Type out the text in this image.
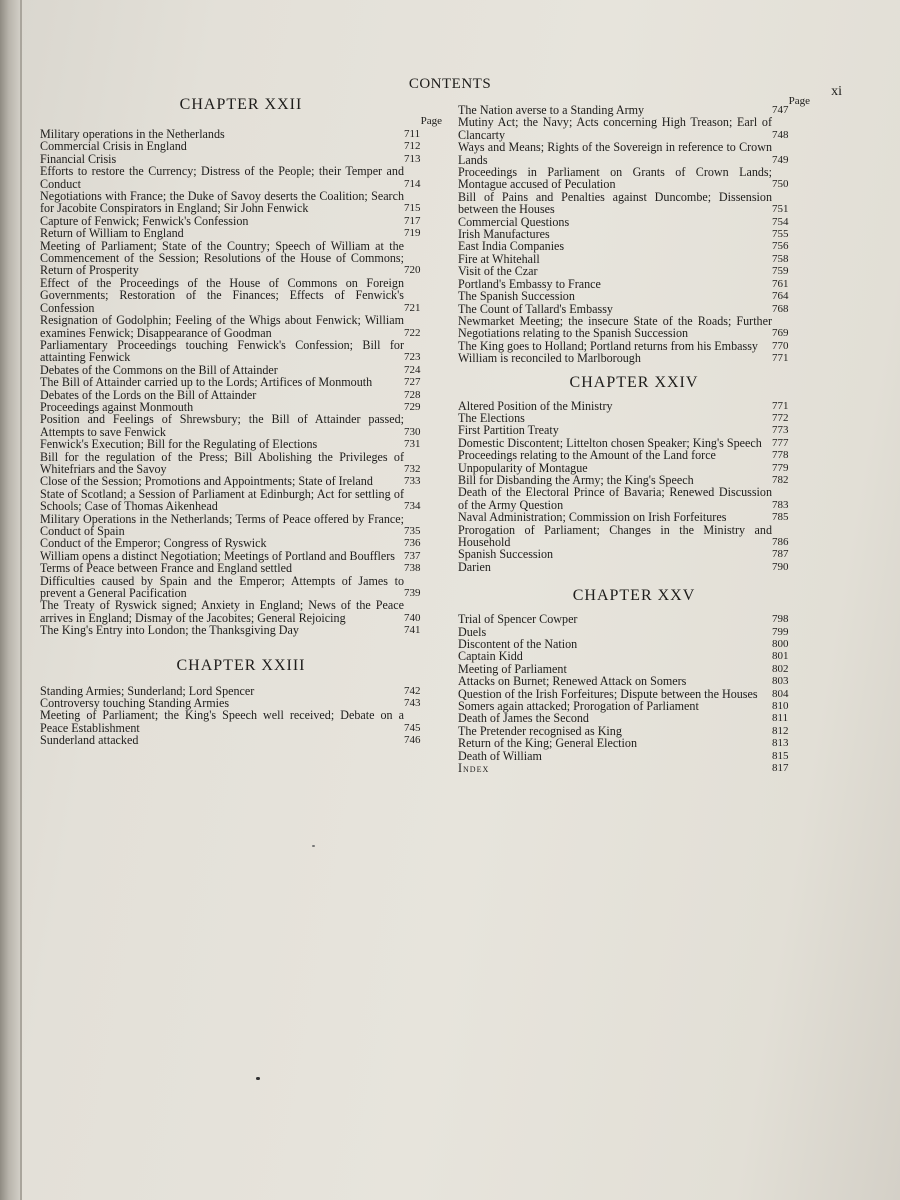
CONTENTS	xi
CHAPTER XXII
Page
Military operations in the Netherlands	711
Commercial Crisis in England	712
Financial Crisis	713
Efforts to restore the Currency; Distress of the People; their Temper and Conduct	714
Negotiations with France; the Duke of Savoy deserts the Coalition; Search for Jacobite Conspirators in England; Sir John Fenwick	715
Capture of Fenwick; Fenwick's Confession	717
Return of William to England	719
Meeting of Parliament; State of the Country; Speech of William at the Commencement of the Session; Resolutions of the House of Commons; Return of Prosperity	720
Effect of the Proceedings of the House of Commons on Foreign Governments; Restoration of the Finances; Effects of Fenwick's Confession	721
Resignation of Godolphin; Feeling of the Whigs about Fenwick; William examines Fenwick; Disappearance of Goodman	722
Parliamentary Proceedings touching Fenwick's Confession; Bill for attainting Fenwick	723
Debates of the Commons on the Bill of Attainder	724
The Bill of Attainder carried up to the Lords; Artifices of Monmouth	727
Debates of the Lords on the Bill of Attainder	728
Proceedings against Monmouth	729
Position and Feelings of Shrewsbury; the Bill of Attainder passed; Attempts to save Fenwick	730
Fenwick's Execution; Bill for the Regulating of Elections	731
Bill for the regulation of the Press; Bill Abolishing the Privileges of Whitefriars and the Savoy	732
Close of the Session; Promotions and Appointments; State of Ireland	733
State of Scotland; a Session of Parliament at Edinburgh; Act for settling of Schools; Case of Thomas Aikenhead	734
Military Operations in the Netherlands; Terms of Peace offered by France; Conduct of Spain	735
Conduct of the Emperor; Congress of Ryswick	736
William opens a distinct Negotiation; Meetings of Portland and Boufflers 737
Terms of Peace between France and England settled	738
Difficulties caused by Spain and the Emperor; Attempts of James to prevent a General Pacification	739
The Treaty of Ryswick signed; Anxiety in England; News of the Peace arrives in England; Dismay of the Jacobites; General Rejoicing	740
The King's Entry into London; the Thanksgiving Day	741
CHAPTER XXIII
Standing Armies; Sunderland; Lord Spencer	742
Controversy touching Standing Armies	743
Meeting of Parliament; the King's Speech well received; Debate on a Peace Establishment	745
Sunderland attacked	746
Page
The Nation averse to a Standing Army	747
Mutiny Act; the Navy; Acts concerning High Treason; Earl of Clancarty	748
Ways and Means; Rights of the Sovereign in reference to Crown Lands	749
Proceedings in Parliament on Grants of Crown Lands; Montague accused of Peculation	750
Bill of Pains and Penalties against Duncombe; Dissension between the Houses	751
Commercial Questions	754
Irish Manufactures	755
East India Companies	756
Fire at Whitehall	758
Visit of the Czar	759
Portland's Embassy to France	761
The Spanish Succession	764
The Count of Tallard's Embassy	768
Newmarket Meeting; the insecure State of the Roads; Further Negotiations relating to the Spanish Succession	769
The King goes to Holland; Portland returns from his Embassy	770
William is reconciled to Marlborough	771
CHAPTER XXIV
Altered Position of the Ministry	771
The Elections	772
First Partition Treaty	773
Domestic Discontent; Littelton chosen Speaker; King's Speech 777
Proceedings relating to the Amount of the Land force	778
Unpopularity of Montague	779
Bill for Disbanding the Army; the King's Speech	782
Death of the Electoral Prince of Bavaria; Renewed Discussion of the Army Question	783
Naval Administration; Commission on Irish Forfeitures	785
Prorogation of Parliament; Changes in the Ministry and Household	786
Spanish Succession	787
Darien	790
CHAPTER XXV
Trial of Spencer Cowper	798
Duels	799
Discontent of the Nation	800
Captain Kidd	801
Meeting of Parliament	802
Attacks on Burnet; Renewed Attack on Somers	803
Question of the Irish Forfeitures; Dispute between the Houses	804
Somers again attacked; Prorogation of Parliament	810
Death of James the Second	811
The Pretender recognised as King	812
Return of the King; General Election	813
Death of William	815
Index	817
